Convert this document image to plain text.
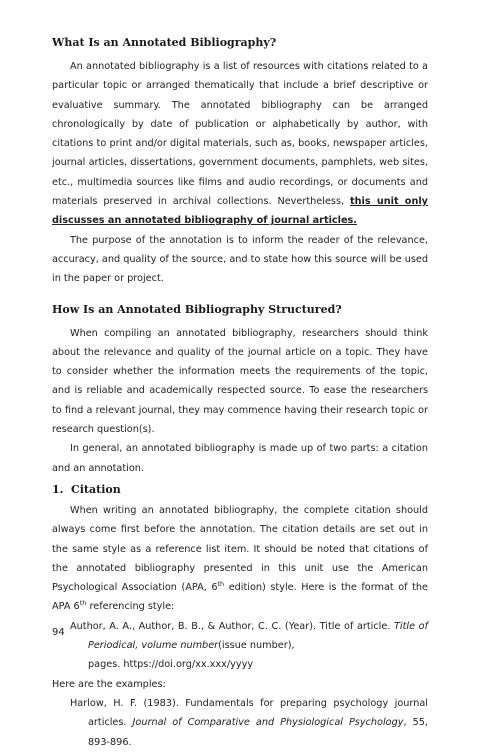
What Is an Annotated Bibliography?

An annotated bibliography is a list of resources with citations related to a particular topic or arranged thematically that include a brief descriptive or evaluative summary. The annotated bibliography can be arranged chronologically by date of publication or alphabetically by author, with citations to print and/or digital materials, such as, books, newspaper articles, journal articles, dissertations, government documents, pamphlets, web sites, etc., multimedia sources like films and audio recordings, or documents and materials preserved in archival collections. Nevertheless, this unit only discusses an annotated bibliography of journal articles.

The purpose of the annotation is to inform the reader of the relevance, accuracy, and quality of the source, and to state how this source will be used in the paper or project.

How Is an Annotated Bibliography Structured?

When compiling an annotated bibliography, researchers should think about the relevance and quality of the journal article on a topic. They have to consider whether the information meets the requirements of the topic, and is reliable and academically respected source. To ease the researchers to find a relevant journal, they may commence having their research topic or research question(s).

In general, an annotated bibliography is made up of two parts: a citation and an annotation.

1. Citation

When writing an annotated bibliography, the complete citation should always come first before the annotation. The citation details are set out in the same style as a reference list item. It should be noted that citations of the annotated bibliography presented in this unit use the American Psychological Association (APA, 6th edition) style. Here is the format of the APA 6th referencing style:

Author, A. A., Author, B. B., & Author, C. C. (Year). Title of article. Title of Periodical, volume number(issue number),

pages. https://doi.org/xx.xxx/yyyy

Here are the examples:

Harlow, H. F. (1983). Fundamentals for preparing psychology journal articles. Journal of Comparative and Physiological Psychology, 55, 893-896.

94
